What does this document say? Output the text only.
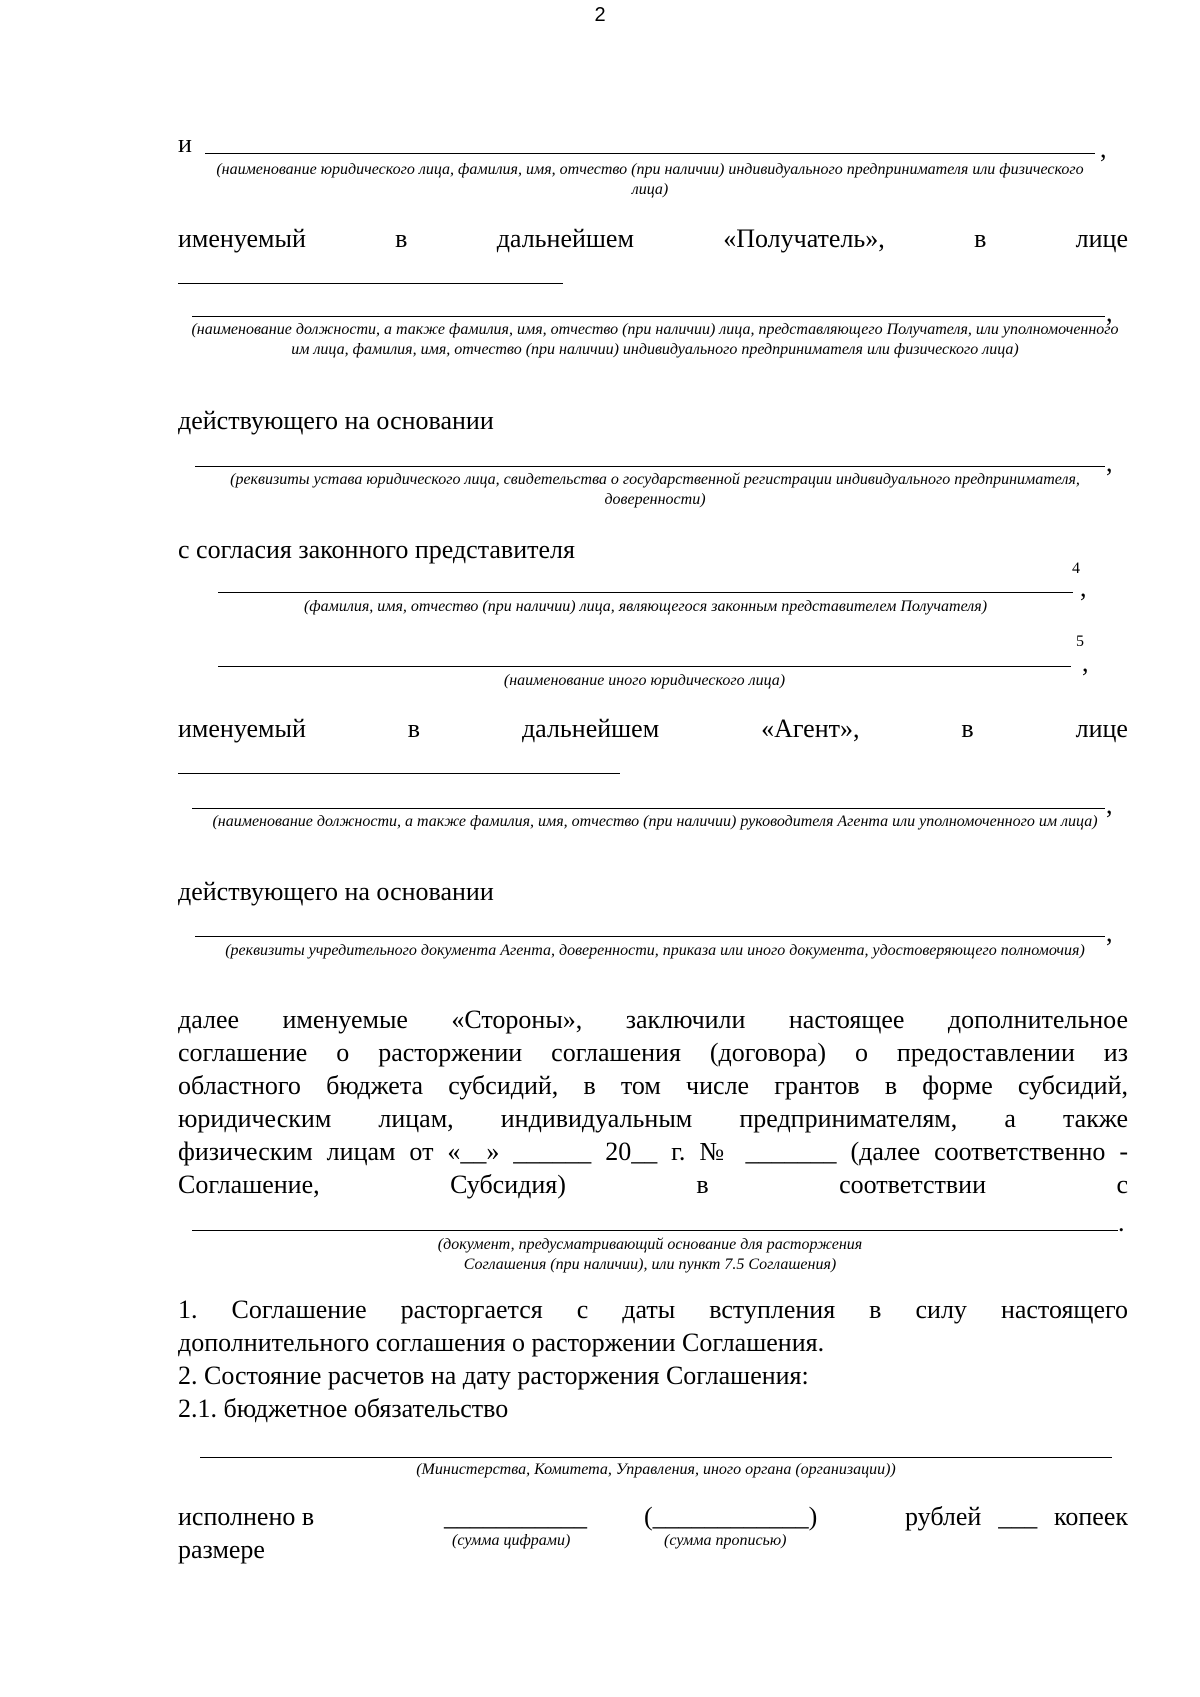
2
и	,
(наименование юридического лица, фамилия, имя, отчество (при наличии) индивидуального предпринимателя или физического лица)
именуемый	в	дальнейшем	«Получатель»,	в	лице
,
(наименование должности, а также фамилия, имя, отчество (при наличии) лица, представляющего Получателя, или уполномоченного им лица, фамилия, имя, отчество (при наличии) индивидуального предпринимателя или физического лица)
действующего на основании
,
(реквизиты устава юридического лица, свидетельства о государственной регистрации индивидуального предпринимателя, доверенности)
с согласия законного представителя
4
,
(фамилия, имя, отчество (при наличии) лица, являющегося законным представителем Получателя)
5
,
(наименование иного юридического лица)
именуемый	в	дальнейшем	«Агент»,	в	лице
,
(наименование должности, а также фамилия, имя, отчество (при наличии) руководителя Агента или уполномоченного им лица)
действующего на основании
,
(реквизиты учредительного документа Агента, доверенности, приказа или иного документа, удостоверяющего полномочия)
далее именуемые «Стороны», заключили настоящее дополнительное
соглашение о расторжении соглашения (договора) о предоставлении из
областного бюджета субсидий, в том числе грантов в форме субсидий,
юридическим лицам, индивидуальным предпринимателям, а также
физическим лицам от «__» ______ 20__ г. № _______ (далее соответственно -
Соглашение,	Субсидия)	в	соответствии	с
.
(документ, предусматривающий основание для расторжения
Соглашения (при наличии), или пункт 7.5 Соглашения)
1. Соглашение расторгается с даты вступления в силу настоящего
дополнительного соглашения о расторжении Соглашения.
2. Состояние расчетов на дату расторжения Соглашения:
2.1. бюджетное обязательство
(Министерства, Комитета, Управления, иного органа (организации))
исполнено в
размере
___________
(сумма цифрами)
(____________)
(сумма прописью)
рублей ___ копеек
